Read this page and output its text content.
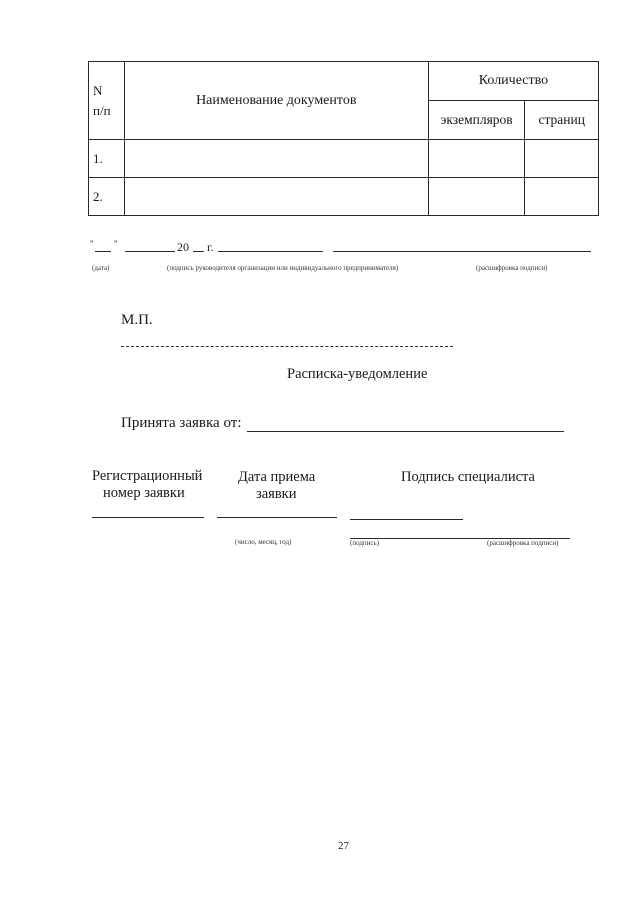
N
п/п	Наименование документов	Количество	
		экземпляров	страниц
1.			
2.			
" "	20 г.
(дата)	(подпись руководителя организации или индивидуального предпринимателя)	(расшифровка подписи)
М.П.
Расписка-уведомление
Принята заявка от:
Регистрационный
номер заявки
Дата приема
заявки
Подпись специалиста
(число, месяц, год)	(подпись)	(расшифровка подписи)
27
